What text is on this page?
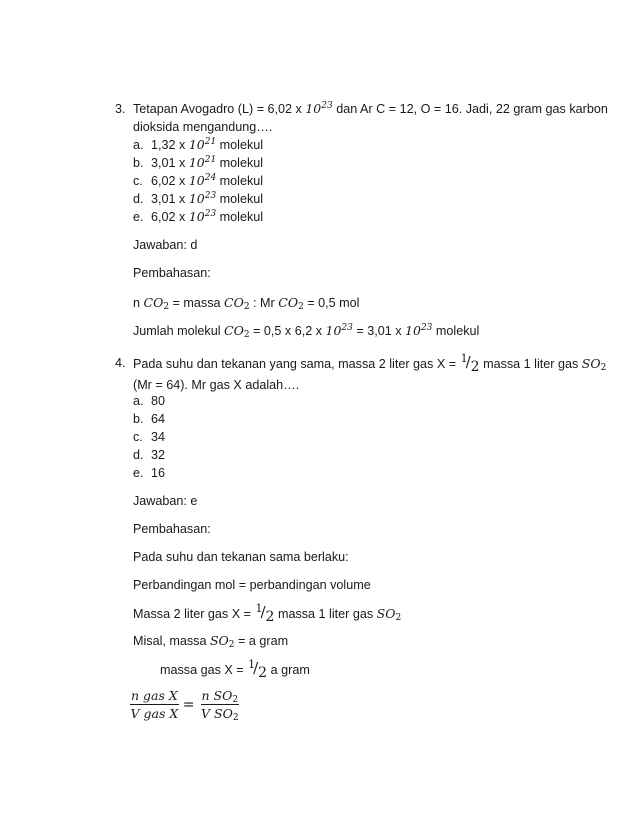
3. Tetapan Avogadro (L) = 6,02 x $10^{23}$ dan Ar C = 12, O = 16. Jadi, 22 gram gas karbon
dioksida mengandung….
a. 1,32 x $10^{21}$ molekul
b. 3,01 x $10^{21}$ molekul
c. 6,02 x $10^{24}$ molekul
d. 3,01 x $10^{23}$ molekul
e. 6,02 x $10^{23}$ molekul
Jawaban: d
Pembahasan:
n $CO_2$ = massa $CO_2$ : Mr $CO_2 = 0,5$ mol
Jumlah molekul $CO_2 = 0,5$ x 6,2 x $10^{23} = 3,01$ x $10^{23}$ molekul
4. Pada suhu dan tekanan yang sama, massa 2 liter gas X = 1
/ 2 massa 1 liter gas $SO_2$
(Mr = 64). Mr gas X adalah….
a. 80
b. 64
c. 34
d. 32
e. 16
Jawaban: e
Pembahasan:
Pada suhu dan tekanan sama berlaku:
Perbandingan mol = perbandingan volume
Massa 2 liter gas X = 1
/ 2 massa 1 liter gas $SO_2$
Misal, massa $SO_2 = a$ gram
massa gas X = 1
/ 2 a gram
$\frac{\text{n gas X}}{\text{V gas X}} = \frac{n SO_2}{V SO_2}$
